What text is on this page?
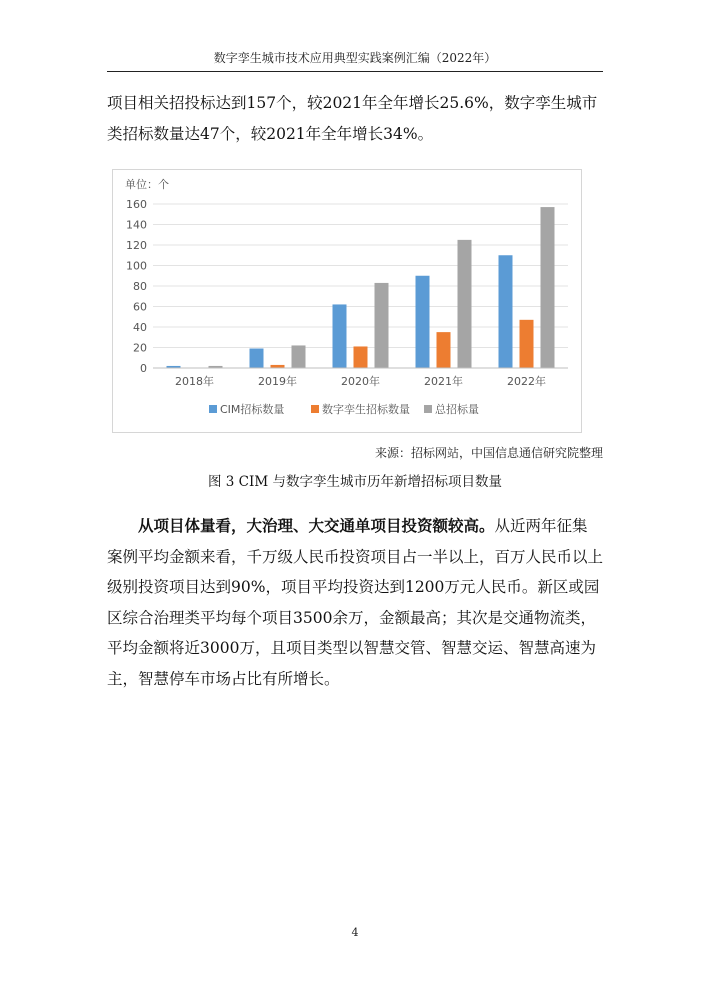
数字孪生城市技术应用典型实践案例汇编（2022年）
项目相关招投标达到157个，较2021年全年增长25.6%，数字孪生城市类招标数量达47个，较2021年全年增长34%。
单位：个
0
20
40
60
80
100
120
140
160
2018年	2019年	2020年	2021年	2022年
CIM招标数量	数字孪生招标数量 总招标量
来源：招标网站，中国信息通信研究院整理
图 3 CIM 与数字孪生城市历年新增招标项目数量
从项目体量看，大治理、大交通单项目投资额较高。从近两年征集案例平均金额来看，千万级人民币投资项目占一半以上，百万人民币以上级别投资项目达到90%，项目平均投资达到1200万元人民币。新区或园区综合治理类平均每个项目3500余万，金额最高；其次是交通物流类，平均金额将近3000万，且项目类型以智慧交管、智慧交运、智慧高速为主，智慧停车市场占比有所增长。
4
